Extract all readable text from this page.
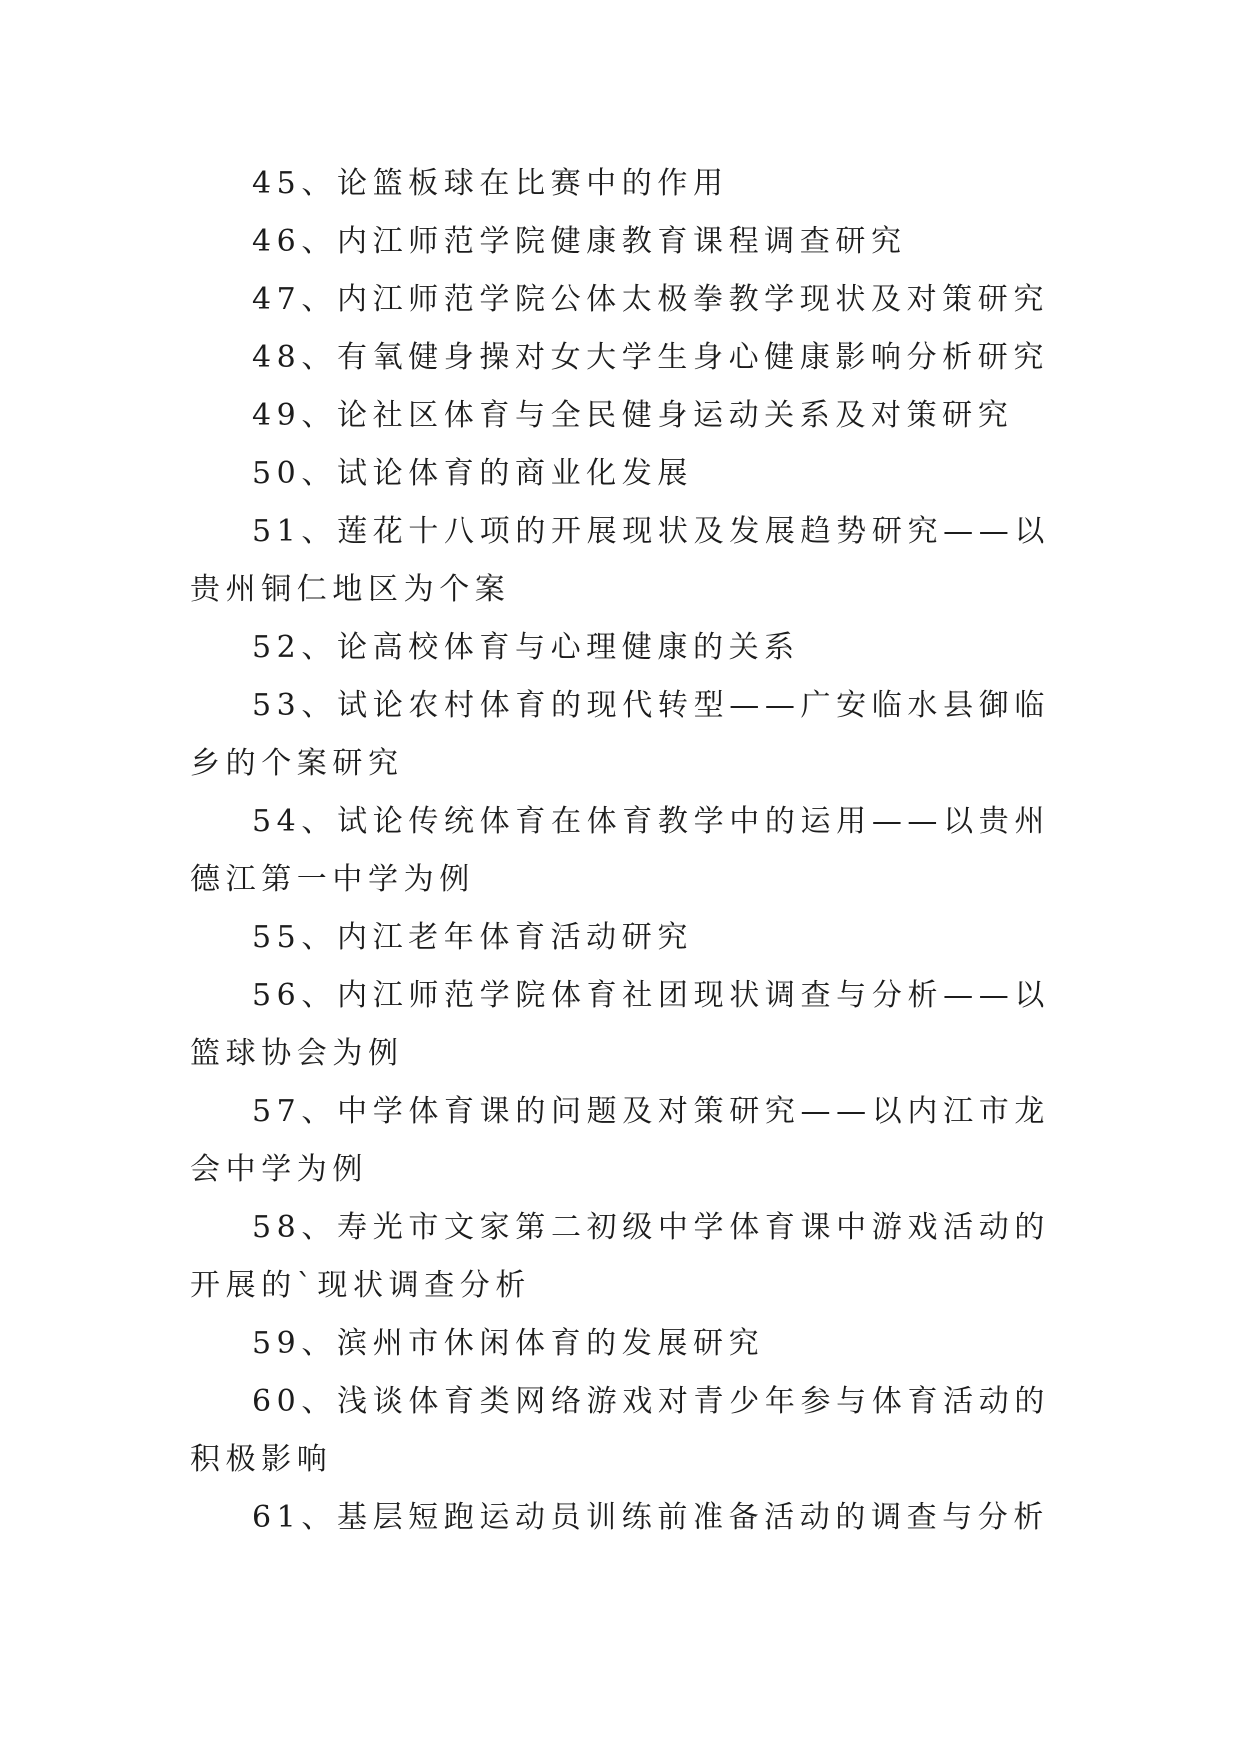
45、论篮板球在比赛中的作用

46、内江师范学院健康教育课程调查研究

47、内江师范学院公体太极拳教学现状及对策研究

48、有氧健身操对女大学生身心健康影响分析研究

49、论社区体育与全民健身运动关系及对策研究

50、试论体育的商业化发展

51、莲花十八项的开展现状及发展趋势研究——以贵州铜仁地区为个案

52、论高校体育与心理健康的关系

53、试论农村体育的现代转型——广安临水县御临乡的个案研究

54、试论传统体育在体育教学中的运用——以贵州德江第一中学为例

55、内江老年体育活动研究

56、内江师范学院体育社团现状调查与分析——以篮球协会为例

57、中学体育课的问题及对策研究——以内江市龙会中学为例

58、寿光市文家第二初级中学体育课中游戏活动的开展的`现状调查分析

59、滨州市休闲体育的发展研究

60、浅谈体育类网络游戏对青少年参与体育活动的积极影响

61、基层短跑运动员训练前准备活动的调查与分析
